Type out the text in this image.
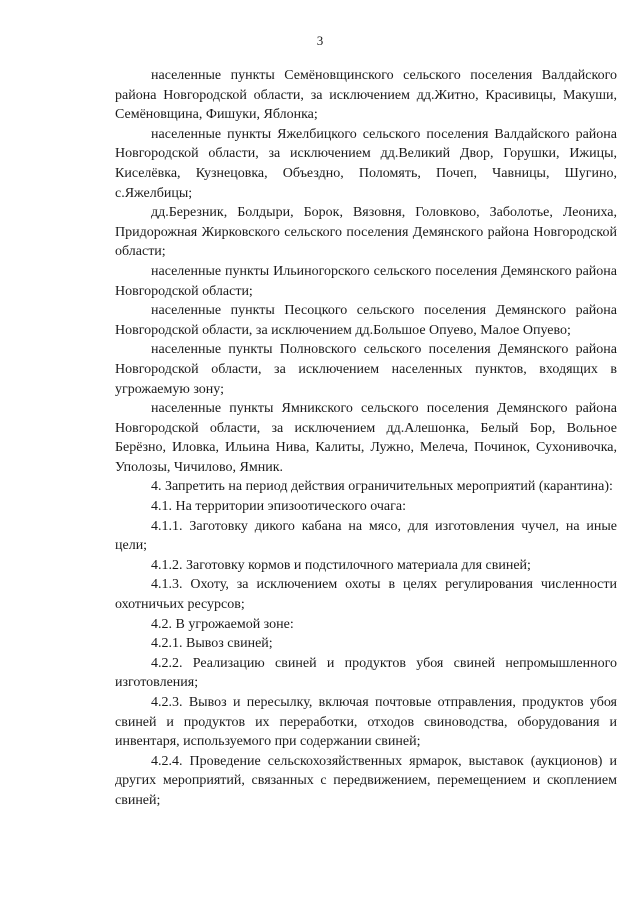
3

населенные пункты Семёновщинского сельского поселения Валдайского района Новгородской области, за исключением дд.Житно, Красивицы, Макуши, Семёновщина, Фишуки, Яблонка;

населенные пункты Яжелбицкого сельского поселения Валдайского района Новгородской области, за исключением дд.Великий Двор, Горушки, Ижицы, Киселёвка, Кузнецовка, Объездно, Поломять, Почеп, Чавницы, Шугино, с.Яжелбицы;

дд.Березник, Болдыри, Борок, Вязовня, Головково, Заболотье, Леониха, Придорожная Жирковского сельского поселения Демянского района Новгородской области;

населенные пункты Ильиногорского сельского поселения Демянского района Новгородской области;

населенные пункты Песоцкого сельского поселения Демянского района Новгородской области, за исключением дд.Большое Опуево, Малое Опуево;

населенные пункты Полновского сельского поселения Демянского района Новгородской области, за исключением населенных пунктов, входящих в угрожаемую зону;

населенные пункты Ямникского сельского поселения Демянского района Новгородской области, за исключением дд.Алешонка, Белый Бор, Вольное Берёзно, Иловка, Ильина Нива, Калиты, Лужно, Мелеча, Починок, Сухонивочка, Уполозы, Чичилово, Ямник.

4. Запретить на период действия ограничительных мероприятий (карантина):

4.1. На территории эпизоотического очага:

4.1.1. Заготовку дикого кабана на мясо, для изготовления чучел, на иные цели;

4.1.2. Заготовку кормов и подстилочного материала для свиней;

4.1.3. Охоту, за исключением охоты в целях регулирования численности охотничьих ресурсов;

4.2. В угрожаемой зоне:

4.2.1. Вывоз свиней;

4.2.2. Реализацию свиней и продуктов убоя свиней непромышленного изготовления;

4.2.3. Вывоз и пересылку, включая почтовые отправления, продуктов убоя свиней и продуктов их переработки, отходов свиноводства, оборудования и инвентаря, используемого при содержании свиней;

4.2.4. Проведение сельскохозяйственных ярмарок, выставок (аукционов) и других мероприятий, связанных с передвижением, перемещением и скоплением свиней;
